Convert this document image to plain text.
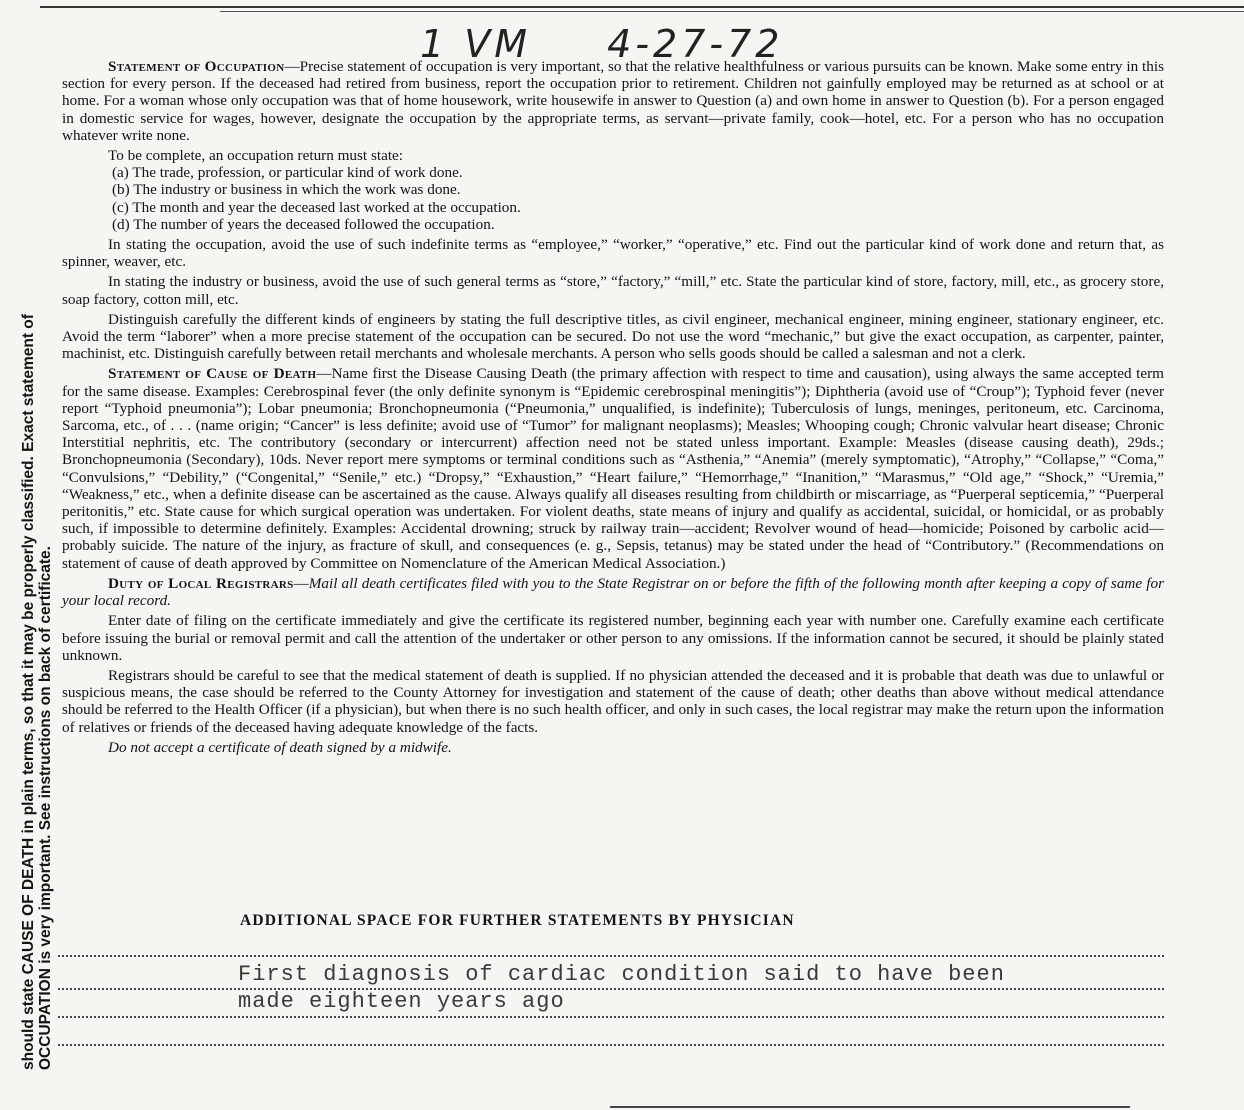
should state CAUSE OF DEATH in plain terms, so that it may be properly classified. Exact statement of OCCUPATION is very important. See instructions on back of certificate.
1 VM 4-27-72

Statement of Occupation—Precise statement of occupation is very important, so that the relative healthfulness or various pursuits can be known. Make some entry in this section for every person. If the deceased had retired from business, report the occupation prior to retirement. Children not gainfully employed may be returned as at school or at home. For a woman whose only occupation was that of home housework, write housewife in answer to Question (a) and own home in answer to Question (b). For a person engaged in domestic service for wages, however, designate the occupation by the appropriate terms, as servant—private family, cook—hotel, etc. For a person who has no occupation whatever write none.

To be complete, an occupation return must state:

(a) The trade, profession, or particular kind of work done.
(b) The industry or business in which the work was done.
(c) The month and year the deceased last worked at the occupation.
(d) The number of years the deceased followed the occupation.

In stating the occupation, avoid the use of such indefinite terms as “employee,” “worker,” “operative,” etc. Find out the particular kind of work done and return that, as spinner, weaver, etc.

In stating the industry or business, avoid the use of such general terms as “store,” “factory,” “mill,” etc. State the particular kind of store, factory, mill, etc., as grocery store, soap factory, cotton mill, etc.

Distinguish carefully the different kinds of engineers by stating the full descriptive titles, as civil engineer, mechanical engineer, mining engineer, stationary engineer, etc. Avoid the term “laborer” when a more precise statement of the occupation can be secured. Do not use the word “mechanic,” but give the exact occupation, as carpenter, painter, machinist, etc. Distinguish carefully between retail merchants and wholesale merchants. A person who sells goods should be called a salesman and not a clerk.

Statement of Cause of Death—Name first the Disease Causing Death (the primary affection with respect to time and causation), using always the same accepted term for the same disease. Examples: Cerebrospinal fever (the only definite synonym is “Epidemic cerebrospinal meningitis”); Diphtheria (avoid use of “Croup”); Typhoid fever (never report “Typhoid pneumonia”); Lobar pneumonia; Bronchopneumonia (“Pneumonia,” unqualified, is indefinite); Tuberculosis of lungs, meninges, peritoneum, etc. Carcinoma, Sarcoma, etc., of . . . (name origin; “Cancer” is less definite; avoid use of “Tumor” for malignant neoplasms); Measles; Whooping cough; Chronic valvular heart disease; Chronic Interstitial nephritis, etc. The contributory (secondary or intercurrent) affection need not be stated unless important. Example: Measles (disease causing death), 29ds.; Bronchopneumonia (Secondary), 10ds. Never report mere symptoms or terminal conditions such as “Asthenia,” “Anemia” (merely symptomatic), “Atrophy,” “Collapse,” “Coma,” “Convulsions,” “Debility,” (“Congenital,” “Senile,” etc.) “Dropsy,” “Exhaustion,” “Heart failure,” “Hemorrhage,” “Inanition,” “Marasmus,” “Old age,” “Shock,” “Uremia,” “Weakness,” etc., when a definite disease can be ascertained as the cause. Always qualify all diseases resulting from childbirth or miscarriage, as “Puerperal septicemia,” “Puerperal peritonitis,” etc. State cause for which surgical operation was undertaken. For violent deaths, state means of injury and qualify as accidental, suicidal, or homicidal, or as probably such, if impossible to determine definitely. Examples: Accidental drowning; struck by railway train—accident; Revolver wound of head—homicide; Poisoned by carbolic acid—probably suicide. The nature of the injury, as fracture of skull, and consequences (e. g., Sepsis, tetanus) may be stated under the head of “Contributory.” (Recommendations on statement of cause of death approved by Committee on Nomenclature of the American Medical Association.)

Duty of Local Registrars—Mail all death certificates filed with you to the State Registrar on or before the fifth of the following month after keeping a copy of same for your local record.

Enter date of filing on the certificate immediately and give the certificate its registered number, beginning each year with number one. Carefully examine each certificate before issuing the burial or removal permit and call the attention of the undertaker or other person to any omissions. If the information cannot be secured, it should be plainly stated unknown.

Registrars should be careful to see that the medical statement of death is supplied. If no physician attended the deceased and it is probable that death was due to unlawful or suspicious means, the case should be referred to the County Attorney for investigation and statement of the cause of death; other deaths than above without medical attendance should be referred to the Health Officer (if a physician), but when there is no such health officer, and only in such cases, the local registrar may make the return upon the information of relatives or friends of the deceased having adequate knowledge of the facts.

Do not accept a certificate of death signed by a midwife.

ADDITIONAL SPACE FOR FURTHER STATEMENTS BY PHYSICIAN
First diagnosis of cardiac condition said to have been
made eighteen years ago
